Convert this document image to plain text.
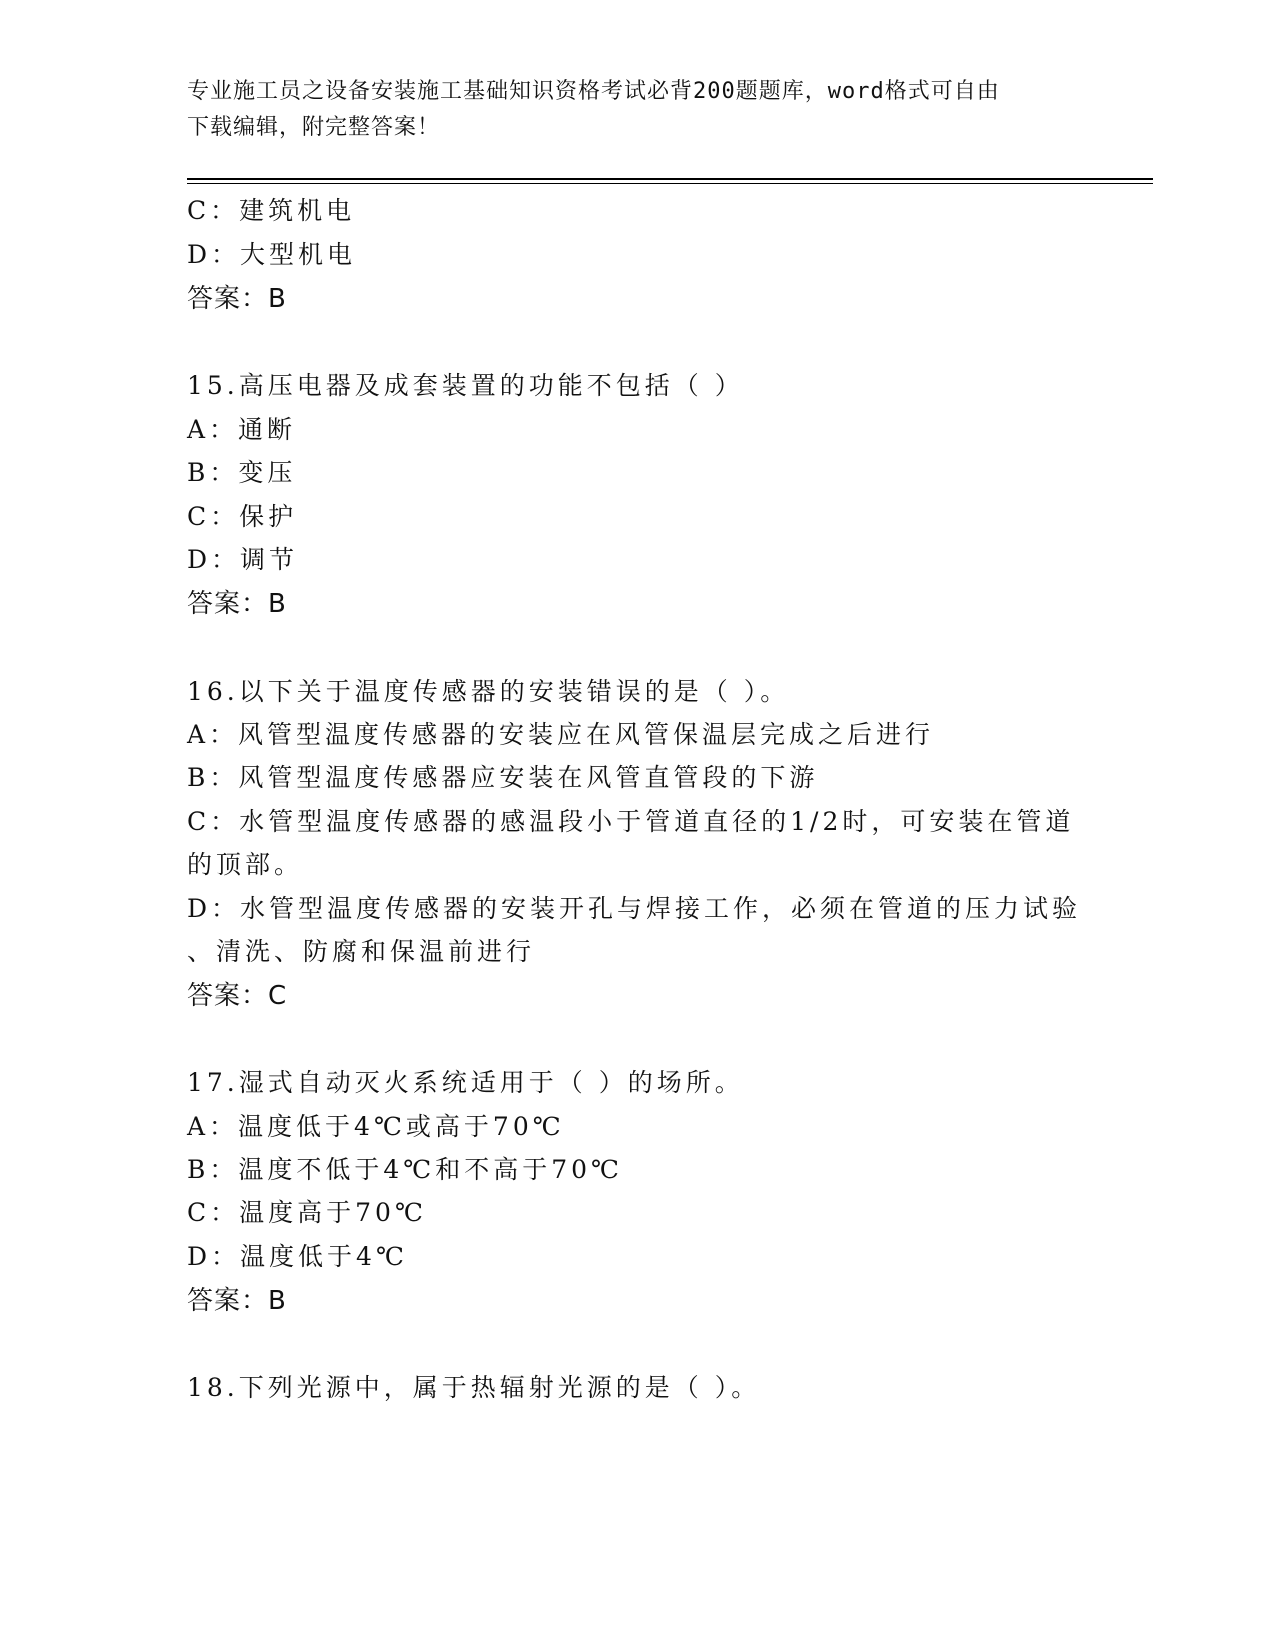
专业施工员之设备安装施工基础知识资格考试必背200题题库，word格式可自由
下载编辑，附完整答案！
C：建筑机电
D：大型机电
答案：B
15.高压电器及成套装置的功能不包括（ ）
A：通断
B：变压
C：保护
D：调节
答案：B
16.以下关于温度传感器的安装错误的是（ ）。
A：风管型温度传感器的安装应在风管保温层完成之后进行
B：风管型温度传感器应安装在风管直管段的下游
C：水管型温度传感器的感温段小于管道直径的1/2时，可安装在管道
的顶部。
D：水管型温度传感器的安装开孔与焊接工作，必须在管道的压力试验
、清洗、防腐和保温前进行
答案：C
17.湿式自动灭火系统适用于（ ）的场所。
A：温度低于4℃或高于70℃
B：温度不低于4℃和不高于70℃
C：温度高于70℃
D：温度低于4℃
答案：B
18.下列光源中，属于热辐射光源的是（ ）。
